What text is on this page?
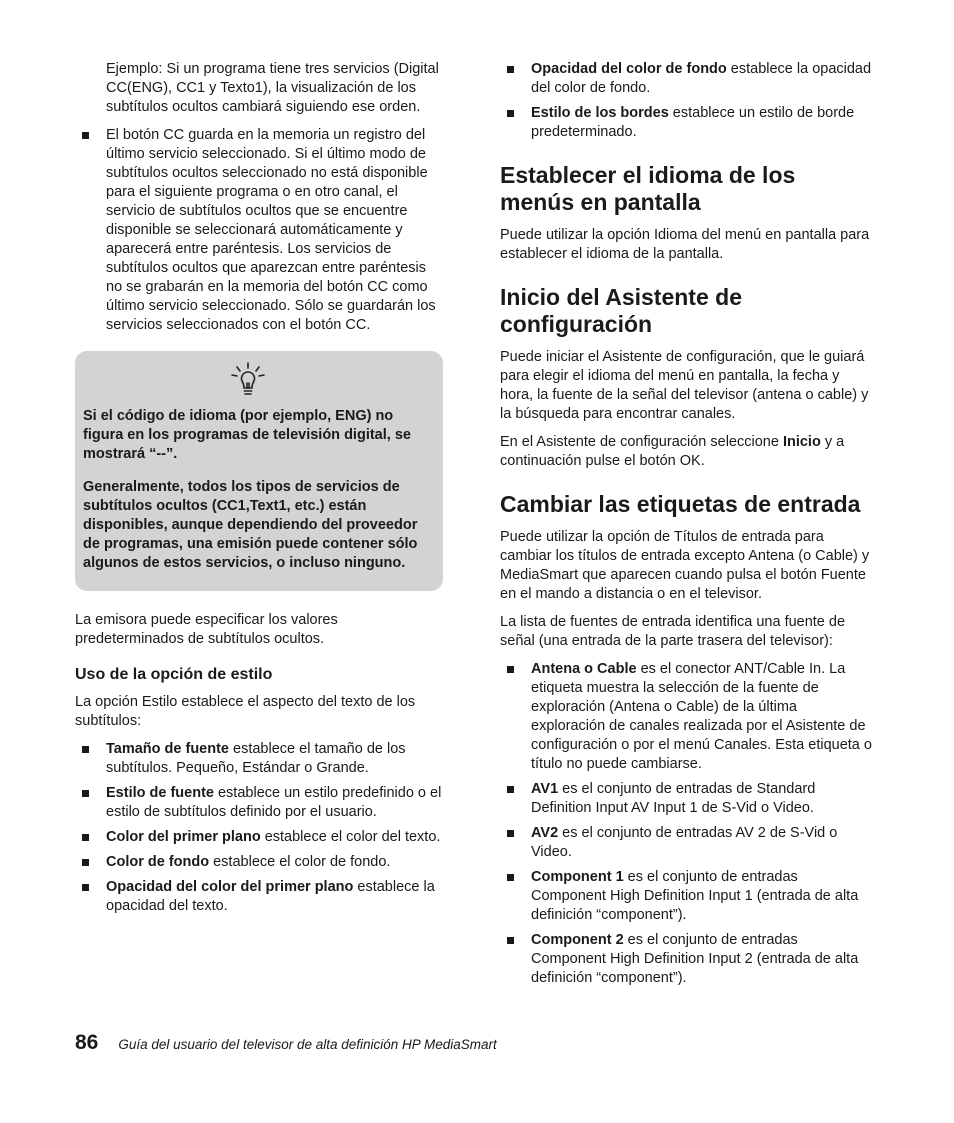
Ejemplo: Si un programa tiene tres servicios (Digital CC(ENG), CC1 y Texto1), la visualización de los subtítulos ocultos cambiará siguiendo ese orden.

El botón CC guarda en la memoria un registro del último servicio seleccionado. Si el último modo de subtítulos ocultos seleccionado no está disponible para el siguiente programa o en otro canal, el servicio de subtítulos ocultos que se encuentre disponible se seleccionará automáticamente y aparecerá entre paréntesis. Los servicios de subtítulos ocultos que aparezcan entre paréntesis no se grabarán en la memoria del botón CC como último servicio seleccionado. Sólo se guardarán los servicios seleccionados con el botón CC.

Si el código de idioma (por ejemplo, ENG) no figura en los programas de televisión digital, se mostrará “--”.

Generalmente, todos los tipos de servicios de subtítulos ocultos (CC1,Text1, etc.) están disponibles, aunque dependiendo del proveedor de programas, una emisión puede contener sólo algunos de estos servicios, o incluso ninguno.

La emisora puede especificar los valores predeterminados de subtítulos ocultos.

Uso de la opción de estilo

La opción Estilo establece el aspecto del texto de los subtítulos:

Tamaño de fuente establece el tamaño de los subtítulos. Pequeño, Estándar o Grande.
Estilo de fuente establece un estilo predefinido o el estilo de subtítulos definido por el usuario.
Color del primer plano establece el color del texto.
Color de fondo establece el color de fondo.
Opacidad del color del primer plano establece la opacidad del texto.
Opacidad del color de fondo establece la opacidad del color de fondo.
Estilo de los bordes establece un estilo de borde predeterminado.
Establecer el idioma de los menús en pantalla

Puede utilizar la opción Idioma del menú en pantalla para establecer el idioma de la pantalla.

Inicio del Asistente de configuración

Puede iniciar el Asistente de configuración, que le guiará para elegir el idioma del menú en pantalla, la fecha y hora, la fuente de la señal del televisor (antena o cable) y la búsqueda para encontrar canales.

En el Asistente de configuración seleccione Inicio y a continuación pulse el botón OK.

Cambiar las etiquetas de entrada

Puede utilizar la opción de Títulos de entrada para cambiar los títulos de entrada excepto Antena (o Cable) y MediaSmart que aparecen cuando pulsa el botón Fuente en el mando a distancia o en el televisor.

La lista de fuentes de entrada identifica una fuente de señal (una entrada de la parte trasera del televisor):

Antena o Cable es el conector ANT/Cable In. La etiqueta muestra la selección de la fuente de exploración (Antena o Cable) de la última exploración de canales realizada por el Asistente de configuración o por el menú Canales. Esta etiqueta o título no puede cambiarse.
AV1 es el conjunto de entradas de Standard Definition Input AV Input 1 de S-Vid o Video.
AV2 es el conjunto de entradas AV 2 de S-Vid o Video.
Component 1 es el conjunto de entradas Component High Definition Input 1 (entrada de alta definición “component”).
Component 2 es el conjunto de entradas Component High Definition Input 2 (entrada de alta definición “component”).
86 Guía del usuario del televisor de alta definición HP MediaSmart
